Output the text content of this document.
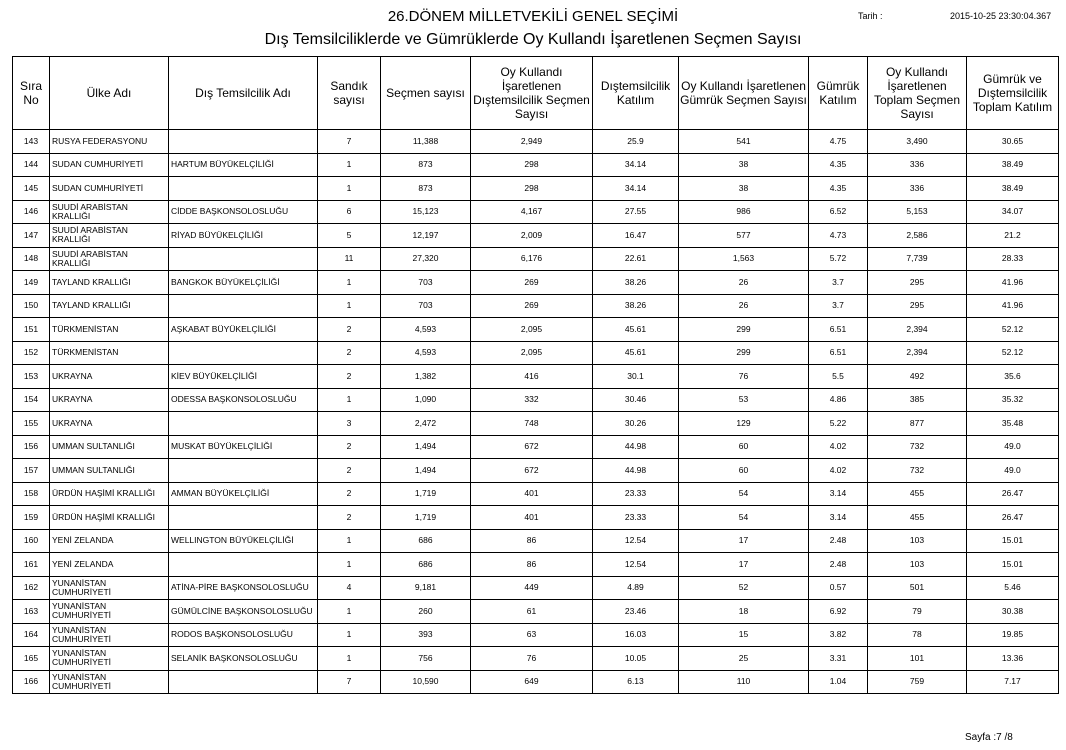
26.DÖNEM MİLLETVEKİLİ GENEL SEÇİMİ
Dış Temsilciliklerde ve Gümrüklerde Oy Kullandı İşaretlenen Seçmen Sayısı
Tarih :	2015-10-25 23:30:04.367
Sıra No	Ülke Adı	Dış Temsilcilik Adı	Sandık sayısı	Seçmen sayısı	Oy Kullandı İşaretlenen Dıştemsilcilik Seçmen Sayısı	Dıştemsilcilik Katılım	Oy Kullandı İşaretlenen Gümrük Seçmen Sayısı	Gümrük Katılım	Oy Kullandı İşaretlenen Toplam Seçmen Sayısı	Gümrük ve Dıştemsilcilik Toplam Katılım
143	RUSYA FEDERASYONU		7	11,388	2,949	25.9	541	4.75	3,490	30.65
144	SUDAN CUMHURİYETİ	HARTUM BÜYÜKELÇİLİĞİ	1	873	298	34.14	38	4.35	336	38.49
145	SUDAN CUMHURİYETİ		1	873	298	34.14	38	4.35	336	38.49
146	SUUDİ ARABİSTAN KRALLIĞI	CİDDE BAŞKONSOLOSLUĞU	6	15,123	4,167	27.55	986	6.52	5,153	34.07
147	SUUDİ ARABİSTAN KRALLIĞI	RİYAD BÜYÜKELÇİLİĞİ	5	12,197	2,009	16.47	577	4.73	2,586	21.2
148	SUUDİ ARABİSTAN KRALLIĞI		11	27,320	6,176	22.61	1,563	5.72	7,739	28.33
149	TAYLAND KRALLIĞI	BANGKOK BÜYÜKELÇİLİĞİ	1	703	269	38.26	26	3.7	295	41.96
150	TAYLAND KRALLIĞI		1	703	269	38.26	26	3.7	295	41.96
151	TÜRKMENİSTAN	AŞKABAT BÜYÜKELÇİLİĞİ	2	4,593	2,095	45.61	299	6.51	2,394	52.12
152	TÜRKMENİSTAN		2	4,593	2,095	45.61	299	6.51	2,394	52.12
153	UKRAYNA	KİEV BÜYÜKELÇİLİĞİ	2	1,382	416	30.1	76	5.5	492	35.6
154	UKRAYNA	ODESSA BAŞKONSOLOSLUĞU	1	1,090	332	30.46	53	4.86	385	35.32
155	UKRAYNA		3	2,472	748	30.26	129	5.22	877	35.48
156	UMMAN SULTANLIĞI	MUSKAT BÜYÜKELÇİLİĞİ	2	1,494	672	44.98	60	4.02	732	49.0
157	UMMAN SULTANLIĞI		2	1,494	672	44.98	60	4.02	732	49.0
158	ÜRDÜN HAŞİMİ KRALLIĞI	AMMAN BÜYÜKELÇİLİĞİ	2	1,719	401	23.33	54	3.14	455	26.47
159	ÜRDÜN HAŞİMİ KRALLIĞI		2	1,719	401	23.33	54	3.14	455	26.47
160	YENİ ZELANDA	WELLINGTON BÜYÜKELÇİLİĞİ	1	686	86	12.54	17	2.48	103	15.01
161	YENİ ZELANDA		1	686	86	12.54	17	2.48	103	15.01
162	YUNANİSTAN CUMHURİYETİ	ATİNA-PİRE BAŞKONSOLOSLUĞU	4	9,181	449	4.89	52	0.57	501	5.46
163	YUNANİSTAN CUMHURİYETİ	GÜMÜLCİNE BAŞKONSOLOSLUĞU	1	260	61	23.46	18	6.92	79	30.38
164	YUNANİSTAN CUMHURİYETİ	RODOS BAŞKONSOLOSLUĞU	1	393	63	16.03	15	3.82	78	19.85
165	YUNANİSTAN CUMHURİYETİ	SELANİK BAŞKONSOLOSLUĞU	1	756	76	10.05	25	3.31	101	13.36
166	YUNANİSTAN CUMHURİYETİ		7	10,590	649	6.13	110	1.04	759	7.17
Sayfa :7 /8
